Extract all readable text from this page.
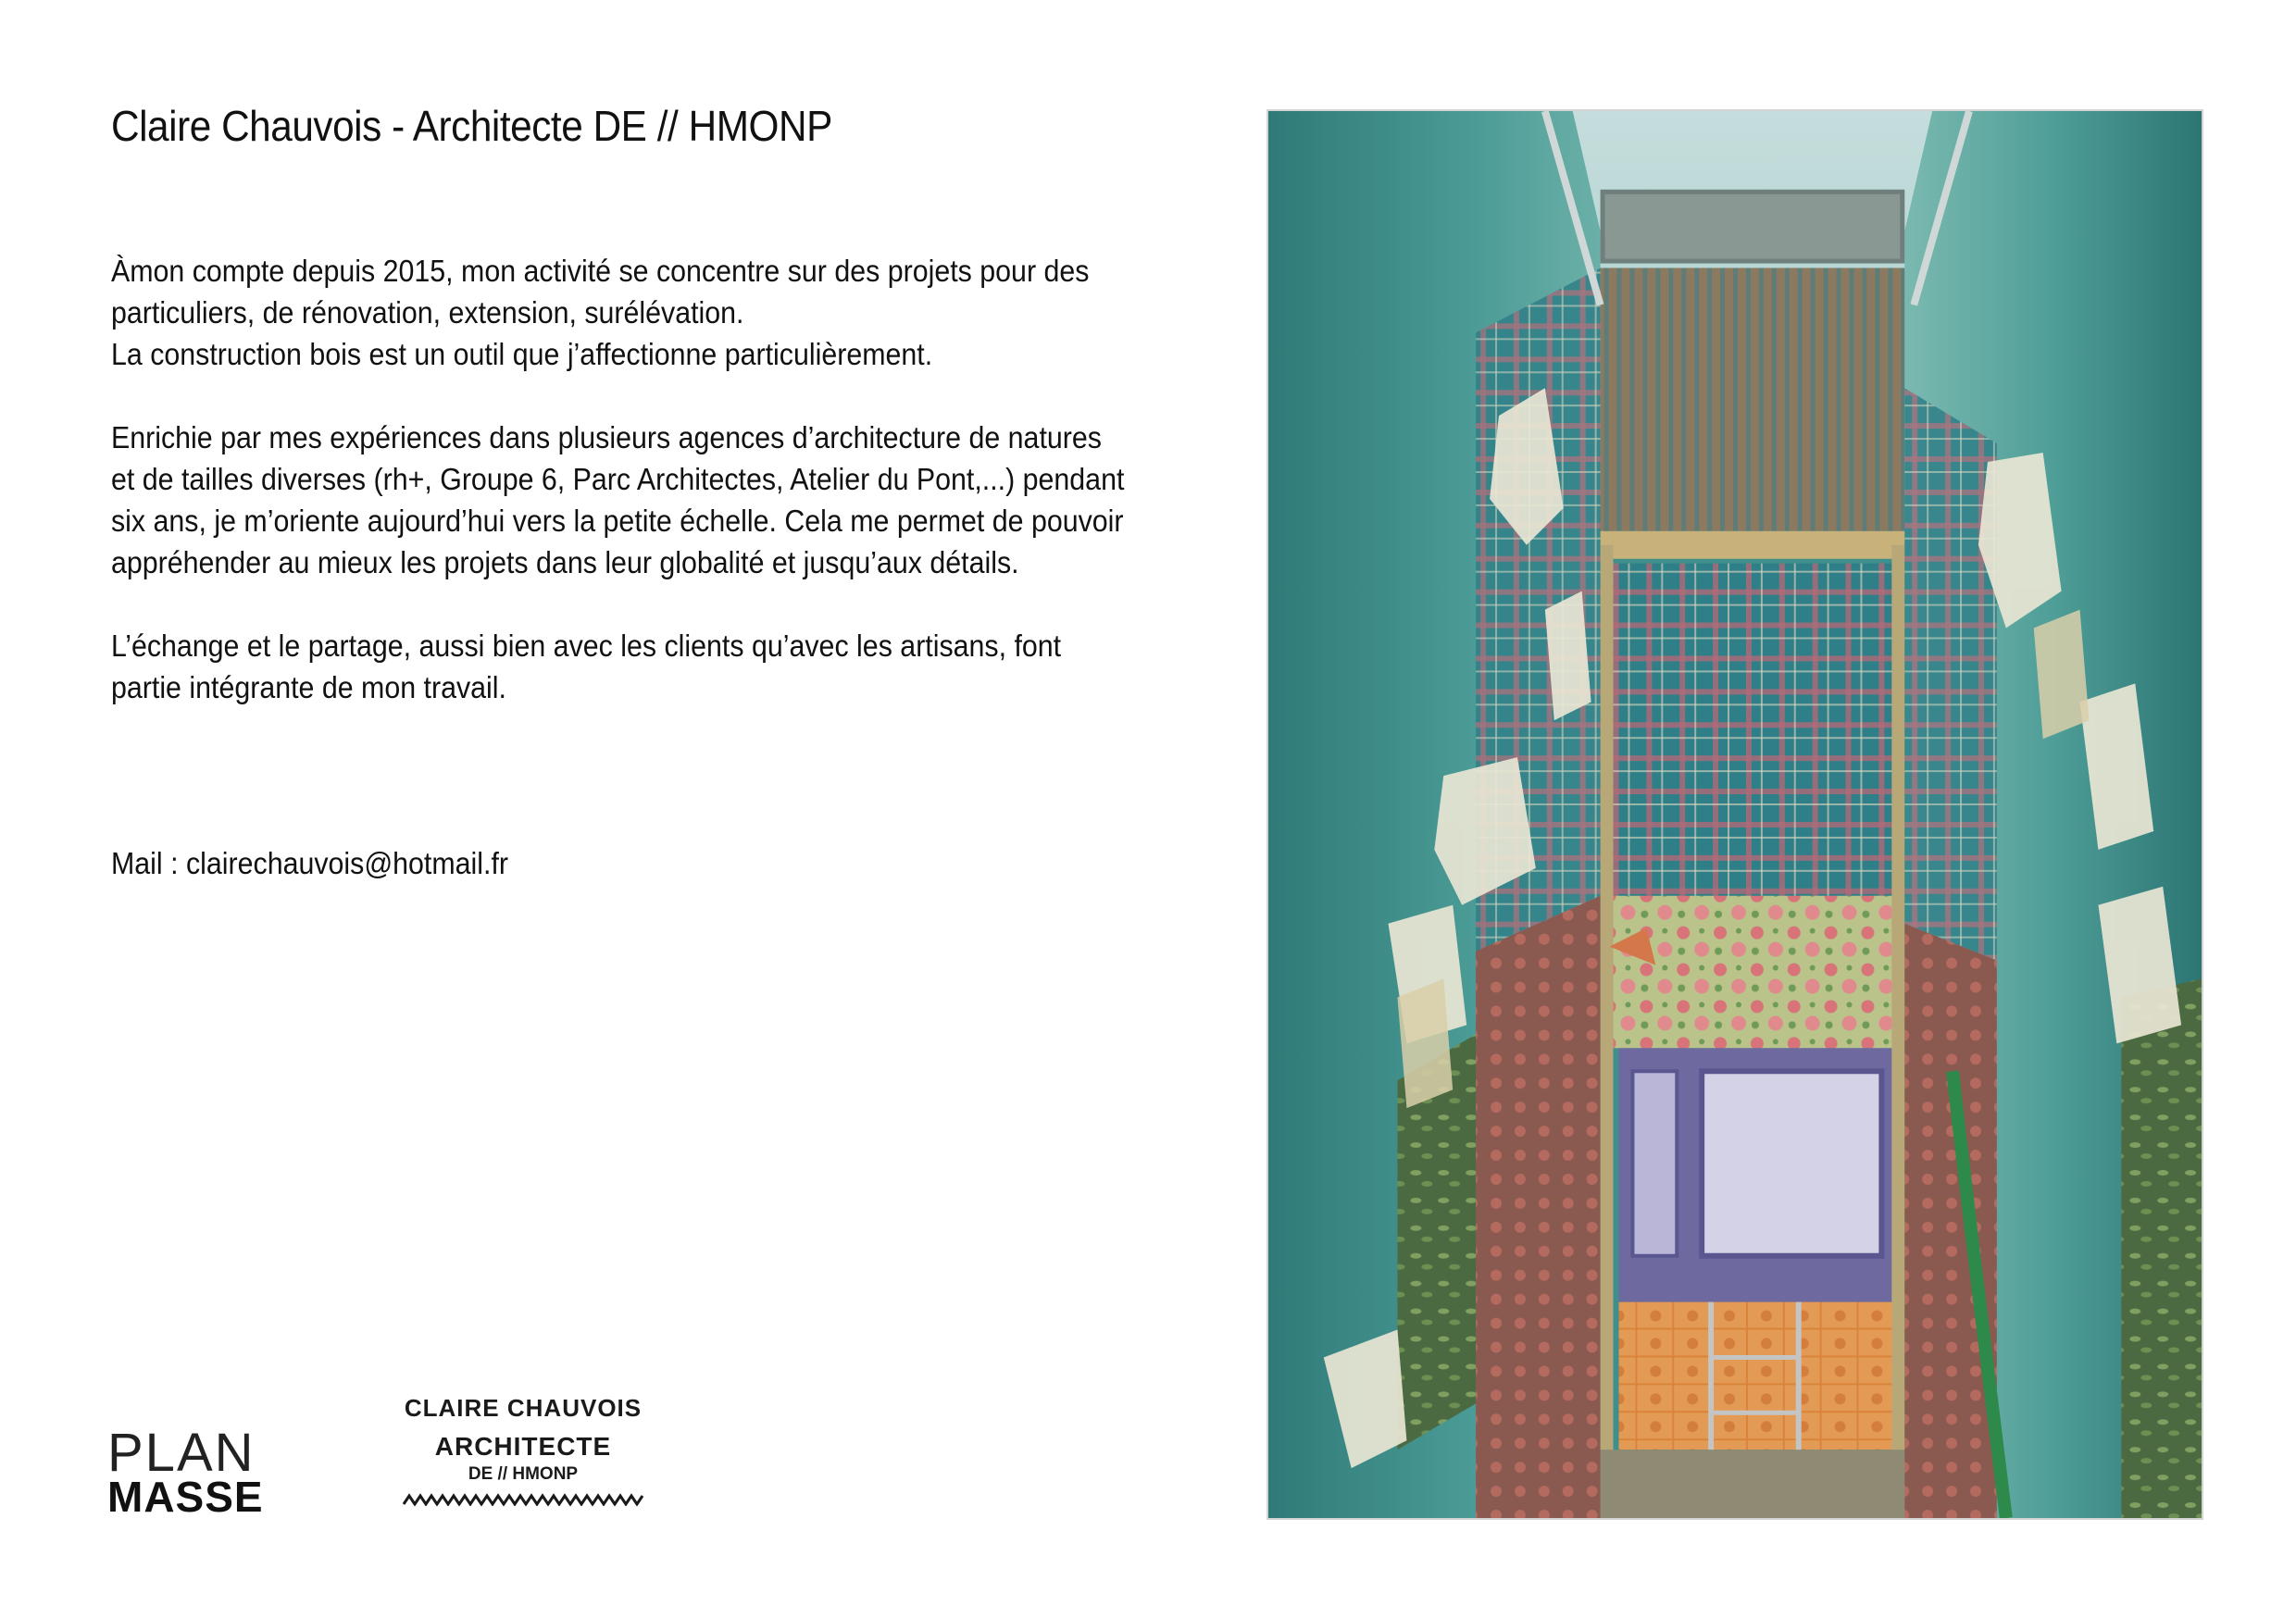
Claire Chauvois - Architecte DE // HMONP

Àmon compte depuis 2015, mon activité se concentre sur des projets pour des
particuliers, de rénovation, extension, surélévation.
La construction bois est un outil que j’affectionne particulièrement.

Enrichie par mes expériences dans plusieurs agences d’architecture de natures
et de tailles diverses (rh+, Groupe 6, Parc Architectes, Atelier du Pont,...) pendant
six ans, je m’oriente aujourd’hui vers la petite échelle. Cela me permet de pouvoir
appréhender au mieux les projets dans leur globalité et jusqu’aux détails.

L’échange et le partage, aussi bien avec les clients qu’avec les artisans, font
partie intégrante de mon travail.

Mail : clairechauvois@hotmail.fr

PLAN
MASSE
CLAIRE CHAUVOIS
ARCHITECTE
DE // HMONP
